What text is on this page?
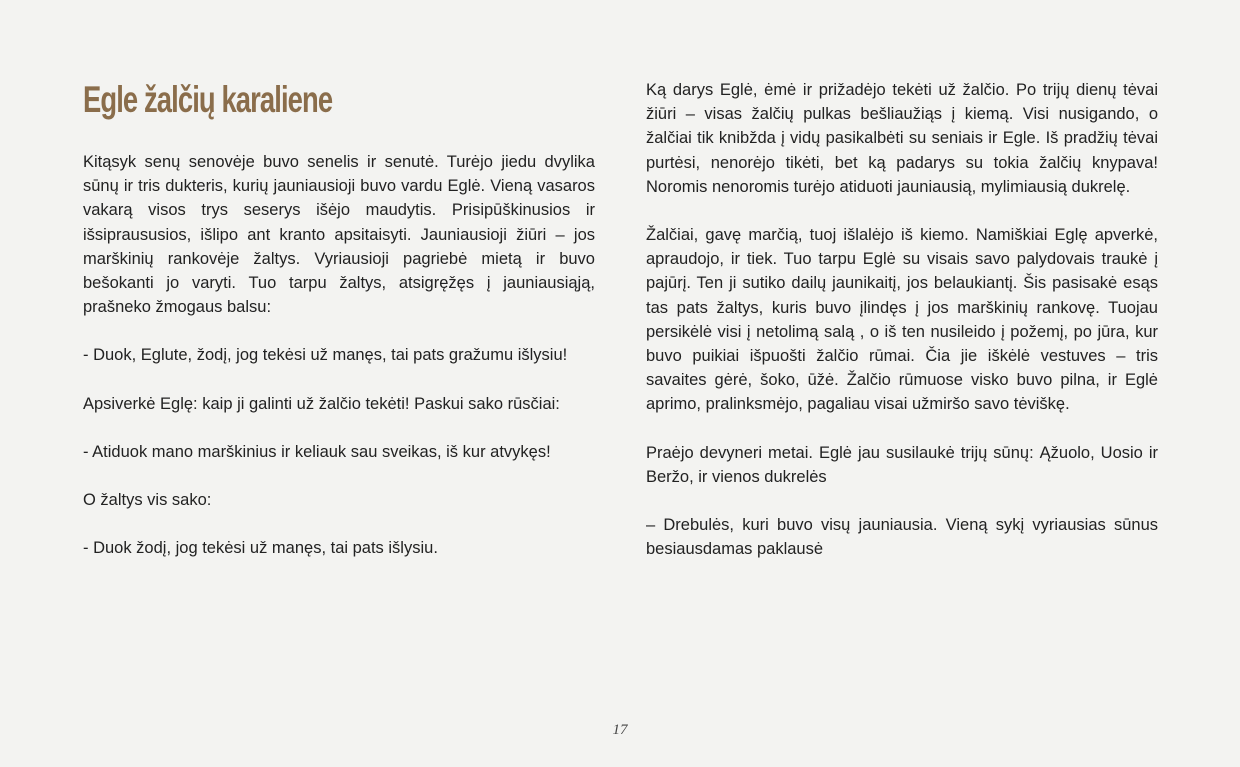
Egle žalčių karaliene

Kitąsyk senų senovėje buvo senelis ir senutė. Turėjo jiedu dvylika sūnų ir tris dukteris, kurių jauniausioji buvo vardu Eglė. Vieną vasaros vakarą visos trys seserys išėjo maudytis. Prisipūškinusios ir išsipraususios, išlipo ant kranto apsitaisyti. Jauniausioji žiūri – jos marškinių rankovėje žaltys. Vyriausioji pagriebė mietą ir buvo bešokanti jo varyti. Tuo tarpu žaltys, atsigręžęs į jauniausiąją, prašneko žmogaus balsu:

- Duok, Eglute, žodį, jog tekėsi už manęs, tai pats gražumu išlysiu!

Apsiverkė Eglę: kaip ji galinti už žalčio tekėti! Paskui sako rūsčiai:

- Atiduok mano marškinius ir keliauk sau sveikas, iš kur atvykęs!

O žaltys vis sako:

- Duok žodį, jog tekėsi už manęs, tai pats išlysiu.

Ką darys Eglė, ėmė ir prižadėjo tekėti už žalčio. Po trijų dienų tėvai žiūri – visas žalčių pulkas bešliaužiąs į kiemą. Visi nusigando, o žalčiai tik knibžda į vidų pasikalbėti su seniais ir Egle. Iš pradžių tėvai purtėsi, nenorėjo tikėti, bet ką padarys su tokia žalčių knypava! Noromis nenoromis turėjo atiduoti jauniausią, mylimiausią dukrelę.

Žalčiai, gavę marčią, tuoj išlalėjo iš kiemo. Namiškiai Eglę apverkė, apraudojo, ir tiek. Tuo tarpu Eglė su visais savo palydovais traukė į pajūrį. Ten ji sutiko dailų jaunikaitį, jos belaukiantį. Šis pasisakė esąs tas pats žaltys, kuris buvo įlindęs į jos marškinių rankovę. Tuojau persikėlė visi į netolimą salą , o iš ten nusileido į požemį, po jūra, kur buvo puikiai išpuošti žalčio rūmai. Čia jie iškėlė vestuves – tris savaites gėrė, šoko, ūžė. Žalčio rūmuose visko buvo pilna, ir Eglė aprimo, pralinksmėjo, pagaliau visai užmiršo savo tėviškę.

Praėjo devyneri metai. Eglė jau susilaukė trijų sūnų: Ąžuolo, Uosio ir Beržo, ir vienos dukrelės

– Drebulės, kuri buvo visų jauniausia. Vieną sykį vyriausias sūnus besiausdamas paklausė

17
